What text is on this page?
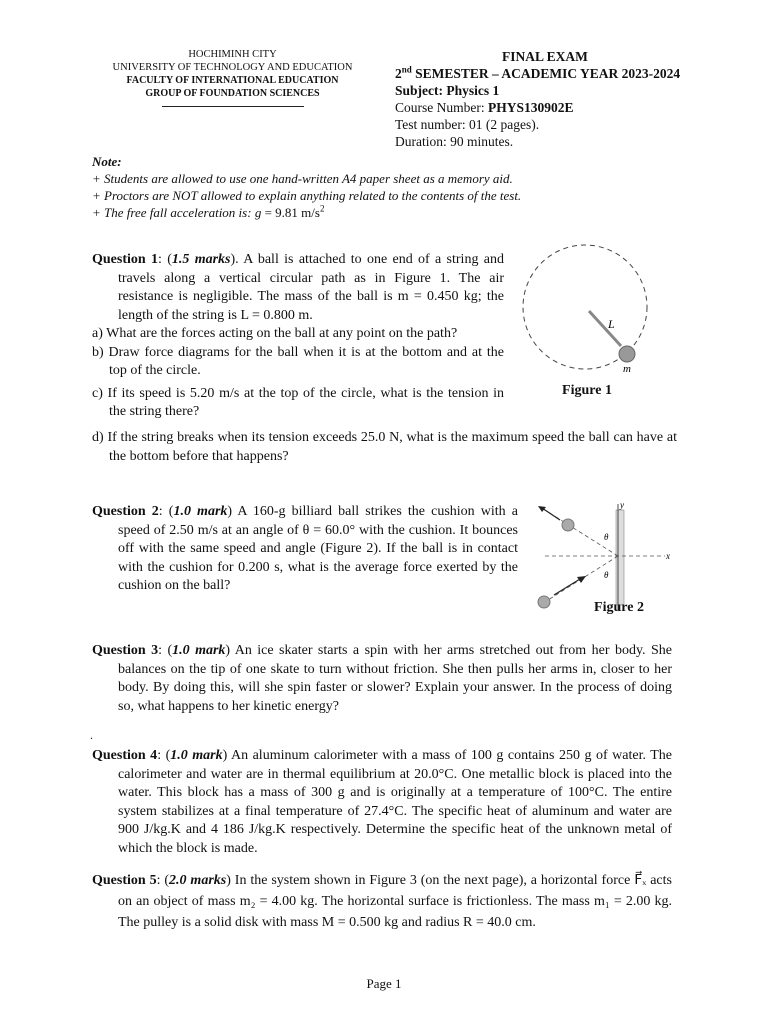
HOCHIMINH CITY
UNIVERSITY OF TECHNOLOGY AND EDUCATION
FACULTY OF INTERNATIONAL EDUCATION
GROUP OF FOUNDATION SCIENCES
FINAL EXAM
2nd SEMESTER – ACADEMIC YEAR 2023-2024
Subject: Physics 1
Course Number: PHYS130902E
Test number: 01 (2 pages).
Duration: 90 minutes.
Note:
+ Students are allowed to use one hand-written A4 paper sheet as a memory aid.
+ Proctors are NOT allowed to explain anything related to the contents of the test.
+ The free fall acceleration is: g = 9.81 $m/s^2$
Question 1: (1.5 marks). A ball is attached to one end of a string and travels along a vertical circular path as in Figure 1. The air resistance is negligible. The mass of the ball is m = 0.450 kg; the length of the string is L = 0.800 m.

a) What are the forces acting on the ball at any point on the path?

b) Draw force diagrams for the ball when it is at the bottom and at the top of the circle.

c) If its speed is 5.20 m/s at the top of the circle, what is the tension in the string there?

d) If the string breaks when its tension exceeds 25.0 N, what is the maximum speed the ball can have at the bottom before that happens?

L
m
Figure 1
Question 2: (1.0 mark) A 160-g billiard ball strikes the cushion with a speed of 2.50 m/s at an angle of θ = 60.0° with the cushion. It bounces off with the same speed and angle (Figure 2). If the ball is in contact with the cushion for 0.200 s, what is the average force exerted by the cushion on the ball?
x
y
θ
θ
Figure 2
Question 3: (1.0 mark) An ice skater starts a spin with her arms stretched out from her body. She balances on the tip of one skate to turn without friction. She then pulls her arms in, closer to her body. By doing this, will she spin faster or slower? Explain your answer. In the process of doing so, what happens to her kinetic energy?
.
Question 4: (1.0 mark) An aluminum calorimeter with a mass of 100 g contains 250 g of water. The calorimeter and water are in thermal equilibrium at 20.0°C. One metallic block is placed into the water. This block has a mass of 300 g and is originally at a temperature of 100°C. The entire system stabilizes at a final temperature of 27.4°C. The specific heat of aluminum and water are 900 J/kg.K and 4 186 J/kg.K respectively. Determine the specific heat of the unknown metal of which the block is made.
Question 5: (2.0 marks) In the system shown in Figure 3 (on the next page), a horizontal force F⃗ₓ acts on an object of mass m₂ = 4.00 kg. The horizontal surface is frictionless. The mass m₁ = 2.00 kg. The pulley is a solid disk with mass M = 0.500 kg and radius R = 40.0 cm.
Page 1
